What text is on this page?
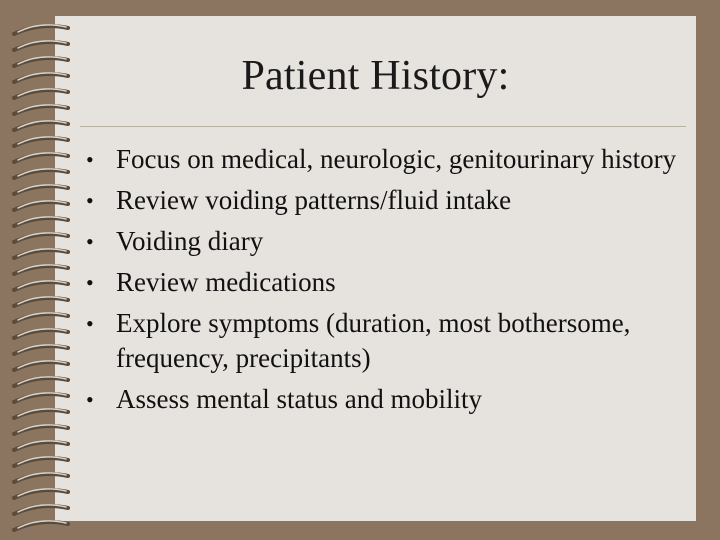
Patient History:
• Focus on medical, neurologic, genitourinary history
• Review voiding patterns/fluid intake
• Voiding diary
• Review medications
• Explore symptoms (duration, most bothersome, frequency, precipitants)
• Assess mental status and mobility
